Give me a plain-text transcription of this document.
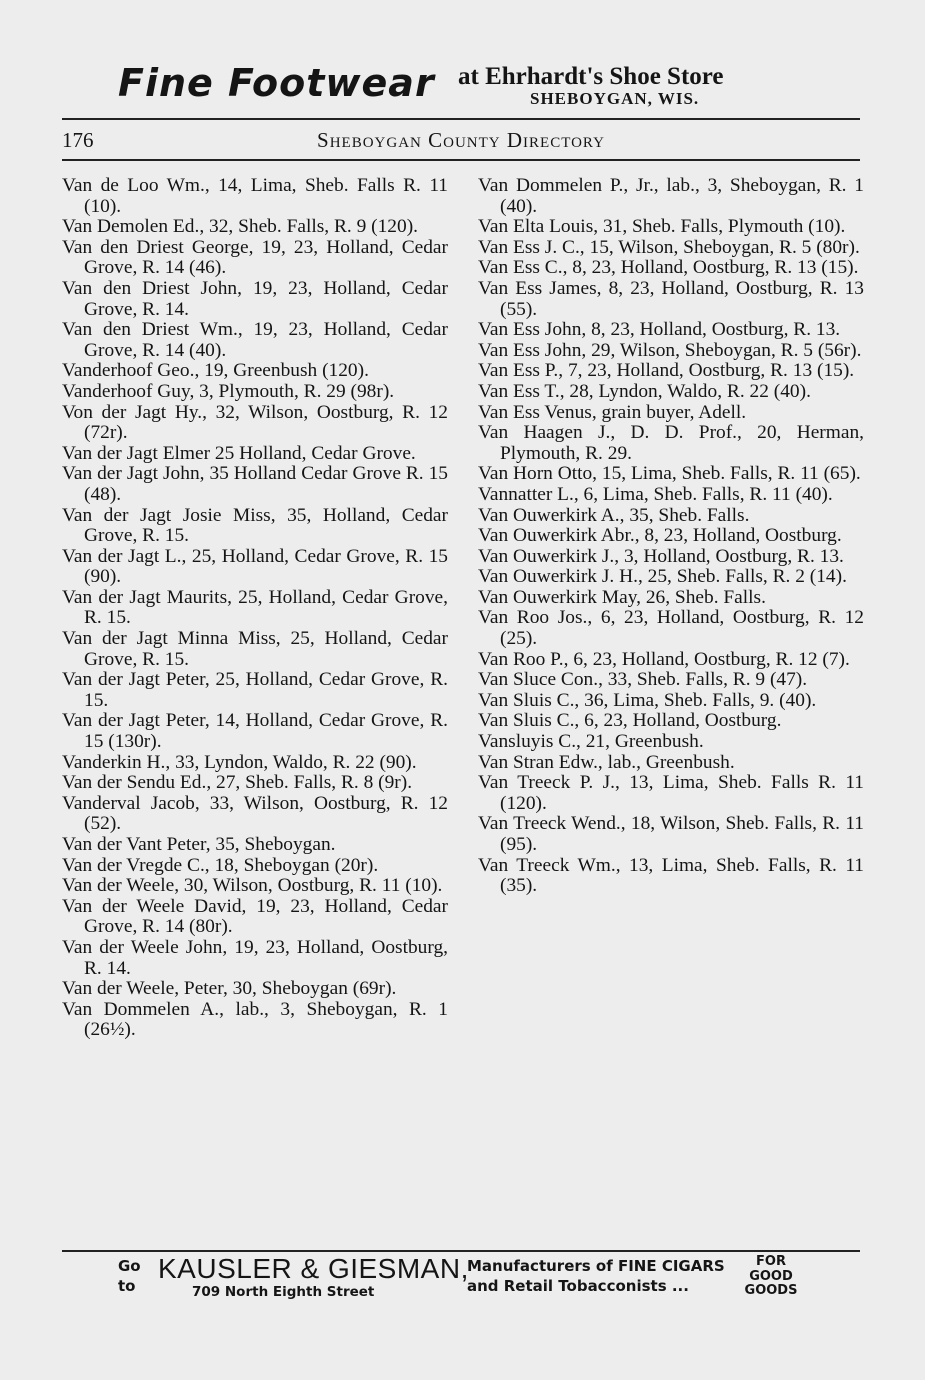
Fine Footwear at Ehrhardt's Shoe Store
SHEBOYGAN, WIS.
Sheboygan County Directory
176

Van de Loo Wm., 14, Lima, Sheb. Falls R. 11 (10).

Van Demolen Ed., 32, Sheb. Falls, R. 9 (120).

Van den Driest George, 19, 23, Holland, Cedar Grove, R. 14 (46).

Van den Driest John, 19, 23, Holland, Cedar Grove, R. 14.

Van den Driest Wm., 19, 23, Holland, Cedar Grove, R. 14 (40).

Vanderhoof Geo., 19, Greenbush (120).

Vanderhoof Guy, 3, Plymouth, R. 29 (98r).

Von der Jagt Hy., 32, Wilson, Oostburg, R. 12 (72r).

Van der Jagt Elmer 25 Holland, Cedar Grove.

Van der Jagt John, 35 Holland Cedar Grove R. 15 (48).

Van der Jagt Josie Miss, 35, Holland, Cedar Grove, R. 15.

Van der Jagt L., 25, Holland, Cedar Grove, R. 15 (90).

Van der Jagt Maurits, 25, Holland, Cedar Grove, R. 15.

Van der Jagt Minna Miss, 25, Holland, Cedar Grove, R. 15.

Van der Jagt Peter, 25, Holland, Cedar Grove, R. 15.

Van der Jagt Peter, 14, Holland, Cedar Grove, R. 15 (130r).

Vanderkin H., 33, Lyndon, Waldo, R. 22 (90).

Van der Sendu Ed., 27, Sheb. Falls, R. 8 (9r).

Vanderval Jacob, 33, Wilson, Oostburg, R. 12 (52).

Van der Vant Peter, 35, Sheboygan.

Van der Vregde C., 18, Sheboygan (20r).

Van der Weele, 30, Wilson, Oostburg, R. 11 (10).

Van der Weele David, 19, 23, Holland, Cedar Grove, R. 14 (80r).

Van der Weele John, 19, 23, Holland, Oostburg, R. 14.

Van der Weele, Peter, 30, Sheboygan (69r).

Van Dommelen A., lab., 3, Sheboygan, R. 1 (26½).

Van Dommelen P., Jr., lab., 3, Sheboygan, R. 1 (40).

Van Elta Louis, 31, Sheb. Falls, Plymouth (10).

Van Ess J. C., 15, Wilson, Sheboygan, R. 5 (80r).

Van Ess C., 8, 23, Holland, Oostburg, R. 13 (15).

Van Ess James, 8, 23, Holland, Oostburg, R. 13 (55).

Van Ess John, 8, 23, Holland, Oostburg, R. 13.

Van Ess John, 29, Wilson, Sheboygan, R. 5 (56r).

Van Ess P., 7, 23, Holland, Oostburg, R. 13 (15).

Van Ess T., 28, Lyndon, Waldo, R. 22 (40).

Van Ess Venus, grain buyer, Adell.

Van Haagen J., D. D. Prof., 20, Herman, Plymouth, R. 29.

Van Horn Otto, 15, Lima, Sheb. Falls, R. 11 (65).

Vannatter L., 6, Lima, Sheb. Falls, R. 11 (40).

Van Ouwerkirk A., 35, Sheb. Falls.

Van Ouwerkirk Abr., 8, 23, Holland, Oostburg.

Van Ouwerkirk J., 3, Holland, Oostburg, R. 13.

Van Ouwerkirk J. H., 25, Sheb. Falls, R. 2 (14).

Van Ouwerkirk May, 26, Sheb. Falls.

Van Roo Jos., 6, 23, Holland, Oostburg, R. 12 (25).

Van Roo P., 6, 23, Holland, Oostburg, R. 12 (7).

Van Sluce Con., 33, Sheb. Falls, R. 9 (47).

Van Sluis C., 36, Lima, Sheb. Falls, 9. (40).

Van Sluis C., 6, 23, Holland, Oostburg.

Vansluyis C., 21, Greenbush.

Van Stran Edw., lab., Greenbush.

Van Treeck P. J., 13, Lima, Sheb. Falls R. 11 (120).

Van Treeck Wend., 18, Wilson, Sheb. Falls, R. 11 (95).

Van Treeck Wm., 13, Lima, Sheb. Falls, R. 11 (35).

Go
to
KAUSLER & GIESMAN,
709 North Eighth Street
Manufacturers of FINE CIGARS
and Retail Tobacconists ...
FOR
GOOD
GOODS
